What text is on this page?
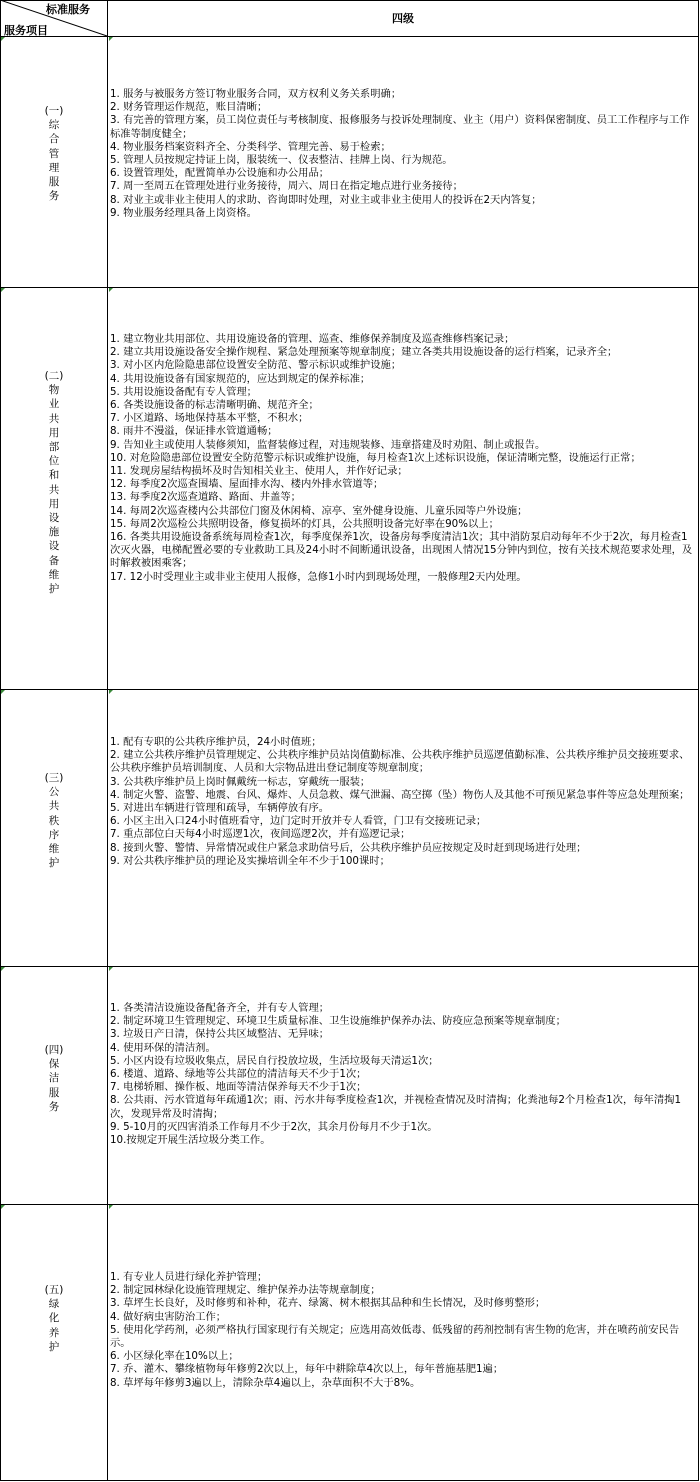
标准服务
服务项目
四级
(一)
综合管理服务
1. 服务与被服务方签订物业服务合同，双方权利义务关系明确；
2. 财务管理运作规范，账目清晰；
3. 有完善的管理方案，员工岗位责任与考核制度、报修服务与投诉处理制度、业主（用户）资料保密制度、员工工作程序与工作标准等制度健全；
4. 物业服务档案资料齐全、分类科学、管理完善、易于检索；
5. 管理人员按规定持证上岗，服装统一、仪表整洁、挂牌上岗、行为规范。
6. 设置管理处，配置简单办公设施和办公用品；
7. 周一至周五在管理处进行业务接待，周六、周日在指定地点进行业务接待；
8. 对业主或非业主使用人的求助、咨询即时处理，对业主或非业主使用人的投诉在2天内答复；
9. 物业服务经理具备上岗资格。
(二)
物业共用部位和共用设施设备维护
1. 建立物业共用部位、共用设施设备的管理、巡查、维修保养制度及巡查维修档案记录；
2. 建立共用设施设备安全操作规程、紧急处理预案等规章制度；建立各类共用设施设备的运行档案，记录齐全；
3. 对小区内危险隐患部位设置安全防范、警示标识或维护设施；
4. 共用设施设备有国家规范的，应达到规定的保养标准；
5. 共用设施设备配有专人管理；
6. 各类设施设备的标志清晰明确、规范齐全；
7. 小区道路、场地保持基本平整，不积水；
8. 雨井不漫溢，保证排水管道通畅；
9. 告知业主或使用人装修须知，监督装修过程，对违规装修、违章搭建及时劝阻、制止或报告。
10. 对危险隐患部位设置安全防范警示标识或维护设施，每月检查1次上述标识设施，保证清晰完整，设施运行正常；
11. 发现房屋结构损坏及时告知相关业主、使用人，并作好记录；
12. 每季度2次巡查围墙、屋面排水沟、楼内外排水管道等；
13. 每季度2次巡查道路、路面、井盖等；
14. 每周2次巡查楼内公共部位门窗及休闲椅、凉亭、室外健身设施、儿童乐园等户外设施；
15. 每周2次巡检公共照明设备，修复损坏的灯具，公共照明设备完好率在90%以上；
16. 各类共用设施设备系统每周检查1次，每季度保养1次，设备房每季度清洁1次；其中消防泵启动每年不少于2次，每月检查1次灭火器，电梯配置必要的专业救助工具及24小时不间断通讯设备，出现困人情况15分钟内到位，按有关技术规范要求处理，及时解救被困乘客；
17. 12小时受理业主或非业主使用人报修，急修1小时内到现场处理，一般修理2天内处理。
(三)
公共秩序维护
1. 配有专职的公共秩序维护员，24小时值班；
2. 建立公共秩序维护员管理规定、公共秩序维护员站岗值勤标准、公共秩序维护员巡逻值勤标准、公共秩序维护员交接班要求、公共秩序维护员培训制度、人员和大宗物品进出登记制度等规章制度；
3. 公共秩序维护员上岗时佩戴统一标志，穿戴统一服装；
4. 制定火警、盗警、地震、台风、爆炸、人员急救、煤气泄漏、高空掷（坠）物伤人及其他不可预见紧急事件等应急处理预案；
5. 对进出车辆进行管理和疏导，车辆停放有序。
6. 小区主出入口24小时值班看守，边门定时开放并专人看管，门卫有交接班记录；
7. 重点部位白天每4小时巡逻1次，夜间巡逻2次，并有巡逻记录；
8. 接到火警、警情、异常情况或住户紧急求助信号后，公共秩序维护员应按规定及时赶到现场进行处理；
9. 对公共秩序维护员的理论及实操培训全年不少于100课时；
(四)
保洁服务
1. 各类清洁设施设备配备齐全，并有专人管理；
2. 制定环境卫生管理规定、环境卫生质量标准、卫生设施维护保养办法、防疫应急预案等规章制度；
3. 垃圾日产日清，保持公共区域整洁、无异味；
4. 使用环保的清洁剂。
5. 小区内设有垃圾收集点，居民自行投放垃圾，生活垃圾每天清运1次；
6. 楼道、道路、绿地等公共部位的清洁每天不少于1次；
7. 电梯轿厢、操作板、地面等清洁保养每天不少于1次；
8. 公共雨、污水管道每年疏通1次；雨、污水井每季度检查1次，并视检查情况及时清掏；化粪池每2个月检查1次，每年清掏1次，发现异常及时清掏；
9. 5-10月的灭四害消杀工作每月不少于2次，其余月份每月不少于1次。
10.按规定开展生活垃圾分类工作。
(五)
绿化养护
1. 有专业人员进行绿化养护管理；
2. 制定园林绿化设施管理规定、维护保养办法等规章制度；
3. 草坪生长良好，及时修剪和补种，花卉、绿篱、树木根据其品种和生长情况，及时修剪整形；
4. 做好病虫害防治工作；
5. 使用化学药剂，必须严格执行国家现行有关规定；应选用高效低毒、低残留的药剂控制有害生物的危害，并在喷药前安民告示。
6. 小区绿化率在10%以上；
7. 乔、灌木、攀缘植物每年修剪2次以上，每年中耕除草4次以上，每年普施基肥1遍；
8. 草坪每年修剪3遍以上，清除杂草4遍以上，杂草面积不大于8%。
